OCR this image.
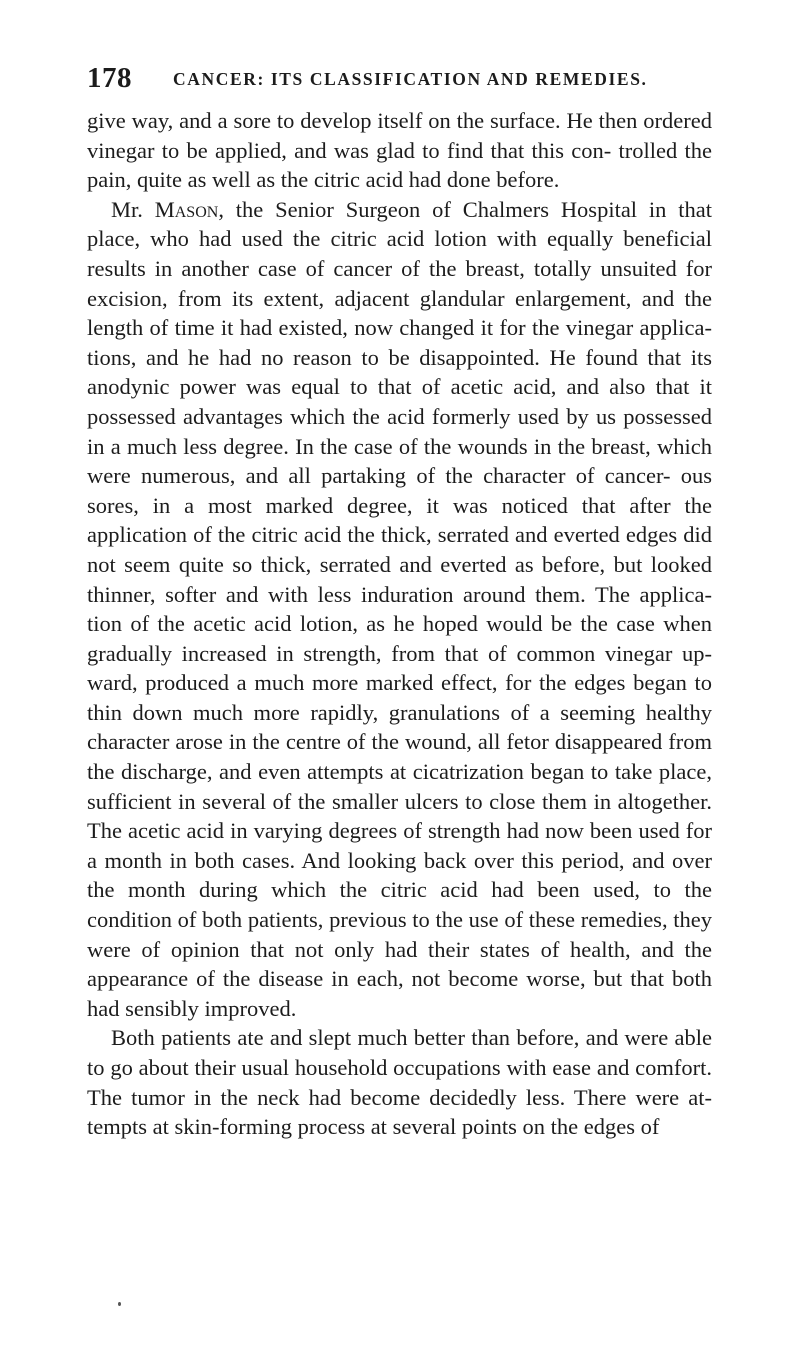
178 CANCER: ITS CLASSIFICATION AND REMEDIES.

give way, and a sore to develop itself on the surface. He then ordered vinegar to be applied, and was glad to find that this con- trolled the pain, quite as well as the citric acid had done before.

Mr. Mason, the Senior Surgeon of Chalmers Hospital in that place, who had used the citric acid lotion with equally beneficial results in another case of cancer of the breast, totally unsuited for excision, from its extent, adjacent glandular enlargement, and the length of time it had existed, now changed it for the vinegar applica- tions, and he had no reason to be disappointed. He found that its anodynic power was equal to that of acetic acid, and also that it possessed advantages which the acid formerly used by us possessed in a much less degree. In the case of the wounds in the breast, which were numerous, and all partaking of the character of cancer- ous sores, in a most marked degree, it was noticed that after the application of the citric acid the thick, serrated and everted edges did not seem quite so thick, serrated and everted as before, but looked thinner, softer and with less induration around them. The applica- tion of the acetic acid lotion, as he hoped would be the case when gradually increased in strength, from that of common vinegar up- ward, produced a much more marked effect, for the edges began to thin down much more rapidly, granulations of a seeming healthy character arose in the centre of the wound, all fetor disappeared from the discharge, and even attempts at cicatrization began to take place, sufficient in several of the smaller ulcers to close them in altogether. The acetic acid in varying degrees of strength had now been used for a month in both cases. And looking back over this period, and over the month during which the citric acid had been used, to the condition of both patients, previous to the use of these remedies, they were of opinion that not only had their states of health, and the appearance of the disease in each, not become worse, but that both had sensibly improved.

Both patients ate and slept much better than before, and were able to go about their usual household occupations with ease and comfort. The tumor in the neck had become decidedly less. There were at- tempts at skin-forming process at several points on the edges of
